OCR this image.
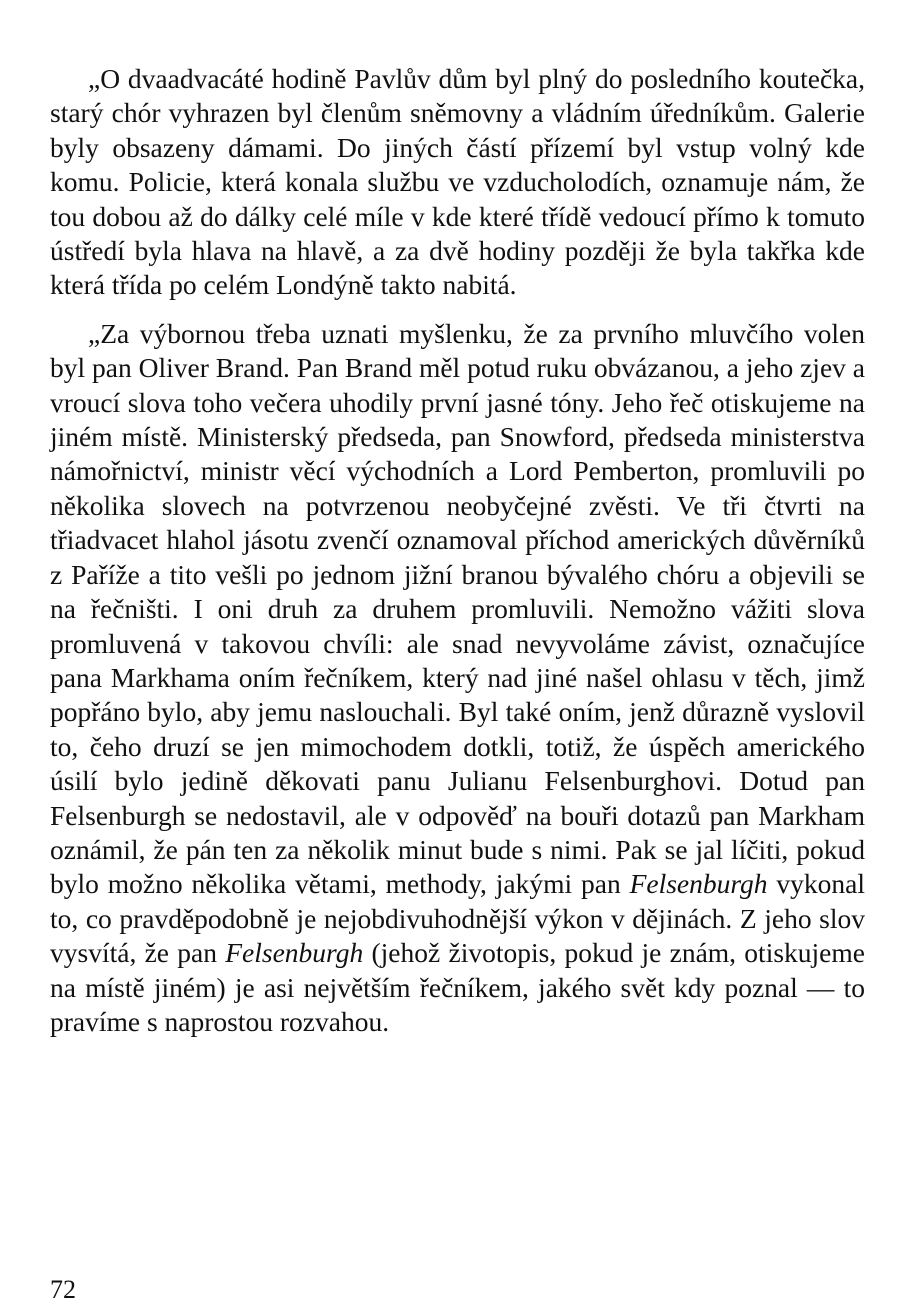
„O dvaadvacáté hodině Pavlův dům byl plný do posledního koutečka, starý chór vyhrazen byl členům sněmovny a vládním úředníkům. Galerie byly obsazeny dámami. Do jiných částí přízemí byl vstup volný kde komu. Policie, která konala službu ve vzducholodích, oznamuje nám, že tou dobou až do dálky celé míle v kde které třídě vedoucí přímo k tomuto ústředí byla hlava na hlavě, a za dvě hodiny později že byla takřka kde která třída po celém Londýně takto nabitá.

„Za výbornou třeba uznati myšlenku, že za prvního mluvčího volen byl pan Oliver Brand. Pan Brand měl potud ruku obvázanou, a jeho zjev a vroucí slova toho večera uhodily první jasné tóny. Jeho řeč otiskujeme na jiném místě. Ministerský předseda, pan Snowford, předseda ministerstva námořnictví, ministr věcí východních a Lord Pemberton, promluvili po několika slovech na potvrzenou neobyčejné zvěsti. Ve tři čtvrti na třiadvacet hlahol jásotu zvenčí oznamoval příchod amerických důvěrníků z Paříže a tito vešli po jednom jižní branou bývalého chóru a objevili se na řečništi. I oni druh za druhem promluvili. Nemožno vážiti slova promluvená v takovou chvíli: ale snad nevyvoláme závist, označujíce pana Markhama oním řečníkem, který nad jiné našel ohlasu v těch, jimž popřáno bylo, aby jemu naslouchali. Byl také oním, jenž důrazně vyslovil to, čeho druzí se jen mimochodem dotkli, totiž, že úspěch amerického úsilí bylo jedině děkovati panu Julianu Felsenburghovi. Dotud pan Felsenburgh se nedostavil, ale v odpověď na bouři dotazů pan Markham oznámil, že pán ten za několik minut bude s nimi. Pak se jal líčiti, pokud bylo možno několika větami, methody, jakými pan Felsenburgh vykonal to, co pravděpodobně je nejobdivuhodnější výkon v dějinách. Z jeho slov vysvítá, že pan Felsenburgh (jehož životopis, pokud je znám, otiskujeme na místě jiném) je asi největším řečníkem, jakého svět kdy poznal — to pravíme s naprostou rozvahou.

72
